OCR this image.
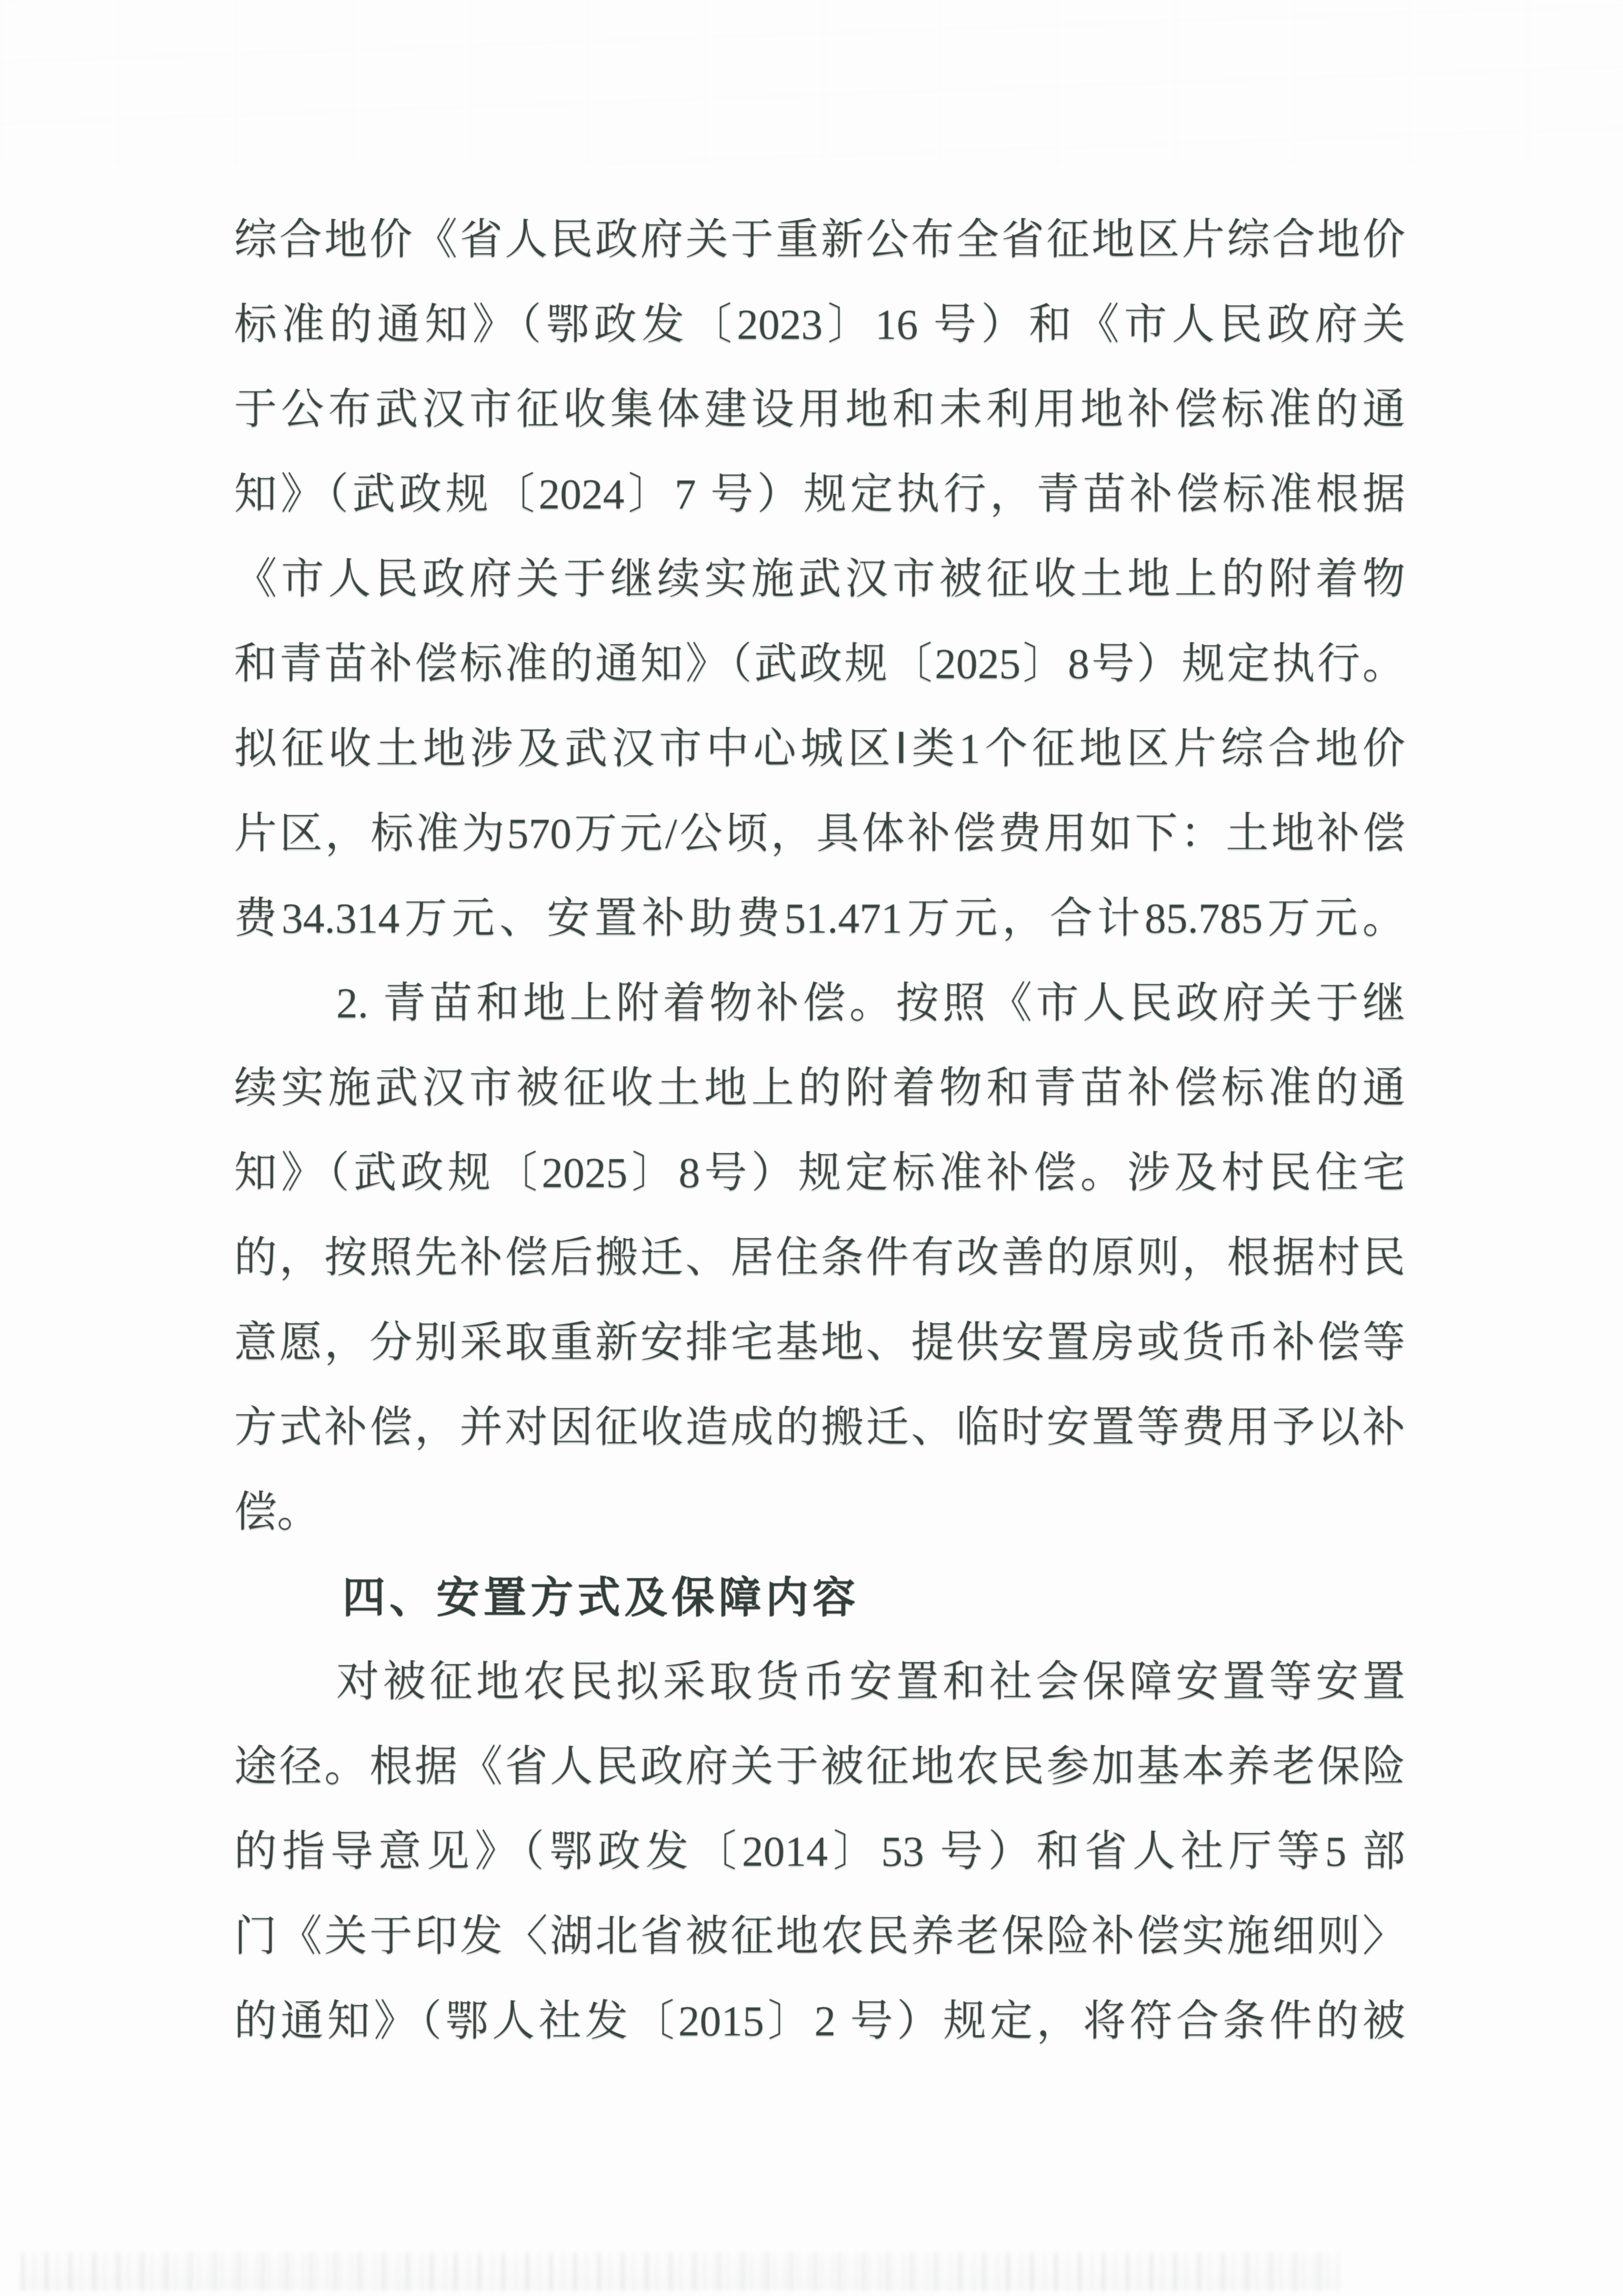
综合地价《省人民政府关于重新公布全省征地区片综合地价
标准的通知》（鄂政发〔2023〕16 号）和《市人民政府关
于公布武汉市征收集体建设用地和未利用地补偿标准的通
知》（武政规〔2024〕7 号）规定执行，青苗补偿标准根据
《市人民政府关于继续实施武汉市被征收土地上的附着物
和青苗补偿标准的通知》（武政规〔2025〕8号）规定执行。
拟征收土地涉及武汉市中心城区Ⅰ类1个征地区片综合地价
片区，标准为570万元/公顷，具体补偿费用如下：土地补偿
费34.314万元、安置补助费51.471万元，合计85.785万元。
2. 青苗和地上附着物补偿。按照《市人民政府关于继
续实施武汉市被征收土地上的附着物和青苗补偿标准的通
知》（武政规〔2025〕8号）规定标准补偿。涉及村民住宅
的，按照先补偿后搬迁、居住条件有改善的原则，根据村民
意愿，分别采取重新安排宅基地、提供安置房或货币补偿等
方式补偿，并对因征收造成的搬迁、临时安置等费用予以补
偿。
四、安置方式及保障内容
对被征地农民拟采取货币安置和社会保障安置等安置
途径。根据《省人民政府关于被征地农民参加基本养老保险
的指导意见》（鄂政发〔2014〕53 号）和省人社厅等5 部
门《关于印发〈湖北省被征地农民养老保险补偿实施细则〉
的通知》（鄂人社发〔2015〕2 号）规定，将符合条件的被
